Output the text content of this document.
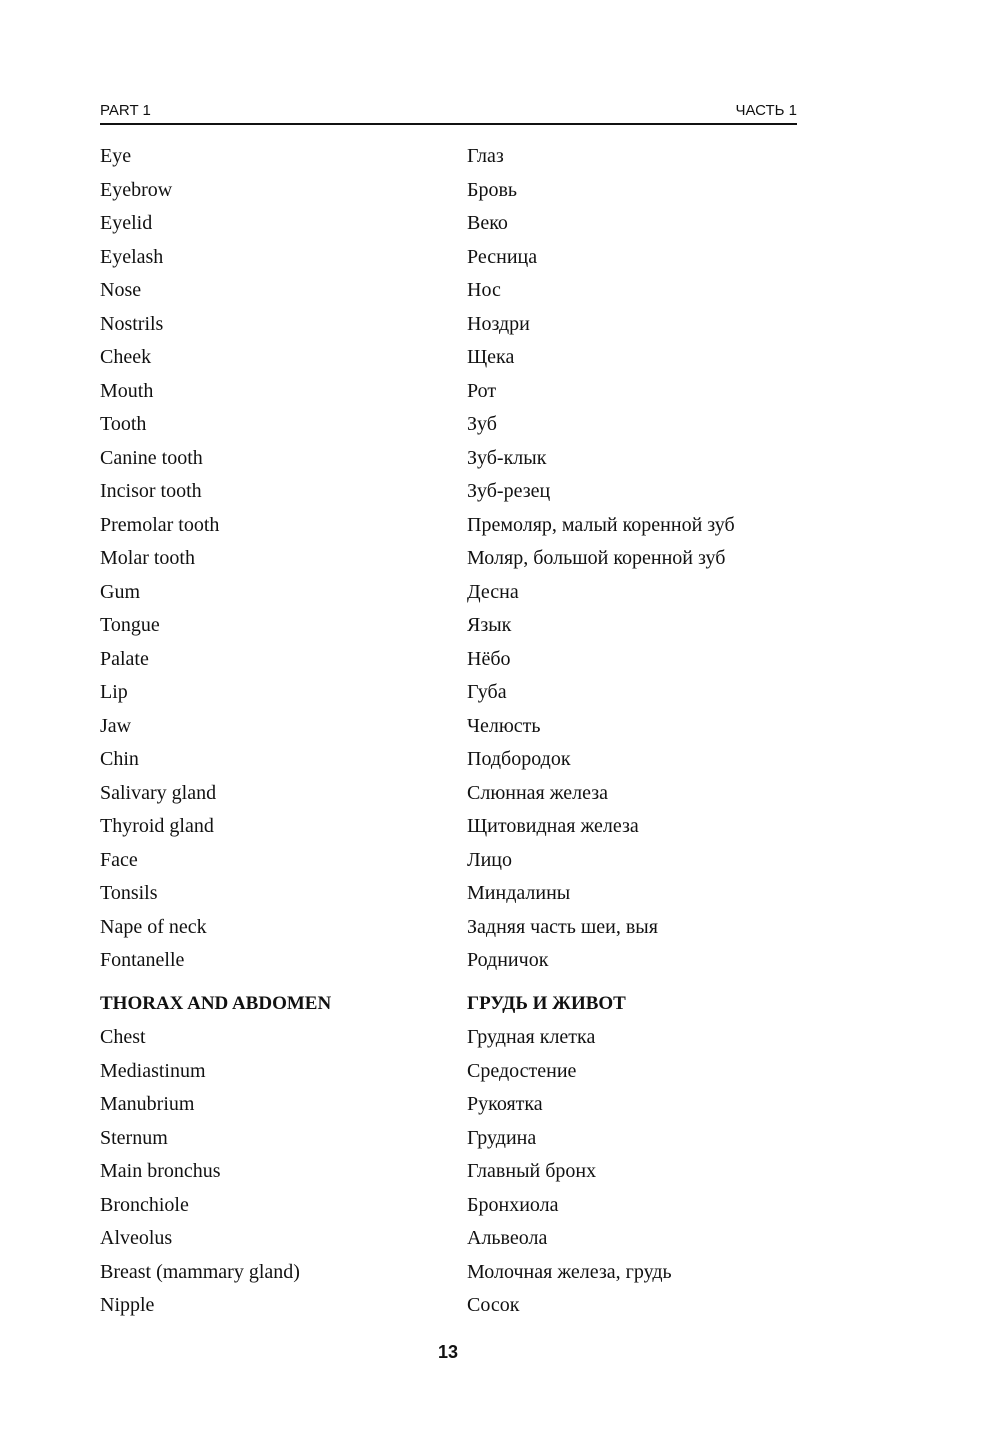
PART 1	ЧАСТЬ 1
Eye	Глаз
Eyebrow	Бровь
Eyelid	Веко
Eyelash	Ресница
Nose	Нос
Nostrils	Ноздри
Cheek	Щека
Mouth	Рот
Tooth	Зуб
Canine tooth	Зуб-клык
Incisor tooth	Зуб-резец
Premolar tooth	Премоляр, малый коренной зуб
Molar tooth	Моляр, большой коренной зуб
Gum	Десна
Tongue	Язык
Palate	Нёбо
Lip	Губа
Jaw	Челюсть
Chin	Подбородок
Salivary gland	Слюнная железа
Thyroid gland	Щитовидная железа
Face	Лицо
Tonsils	Миндалины
Nape of neck	Задняя часть шеи, выя
Fontanelle	Родничок
THORAX AND ABDOMEN	ГРУДЬ И ЖИВОТ
Chest	Грудная клетка
Mediastinum	Средостение
Manubrium	Рукоятка
Sternum	Грудина
Main bronchus	Главный бронх
Bronchiole	Бронхиола
Alveolus	Альвеола
Breast (mammary gland)	Молочная железа, грудь
Nipple	Сосок
13
